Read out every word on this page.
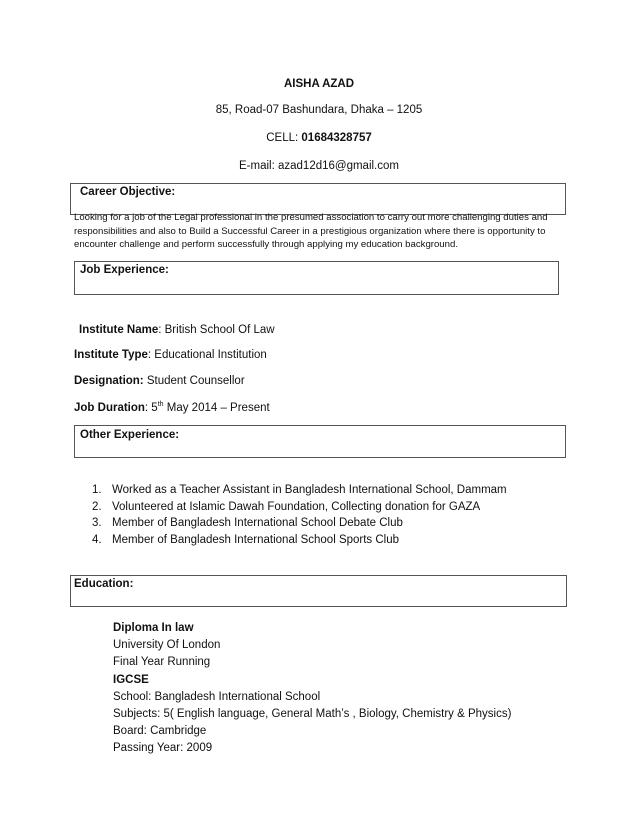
AISHA AZAD
85, Road-07 Bashundara, Dhaka – 1205
CELL: 01684328757
E-mail: azad12d16@gmail.com
Career Objective:
Looking for a job of the Legal professional in the presumed association to carry out more challenging duties and responsibilities and also to Build a Successful Career in a prestigious organization where there is opportunity to encounter challenge and perform successfully through applying my education background.
Job Experience:
Institute Name: British School Of Law
Institute Type: Educational Institution
Designation: Student Counsellor
Job Duration: 5th May 2014 – Present
Other Experience:
1. Worked as a Teacher Assistant in Bangladesh International School, Dammam
2. Volunteered at Islamic Dawah Foundation, Collecting donation for GAZA
3. Member of Bangladesh International School Debate Club
4. Member of Bangladesh International School Sports Club
Education:
Diploma In law
University Of London
Final Year Running
IGCSE
School: Bangladesh International School
Subjects: 5( English language, General Math’s , Biology, Chemistry & Physics)
Board: Cambridge
Passing Year: 2009
